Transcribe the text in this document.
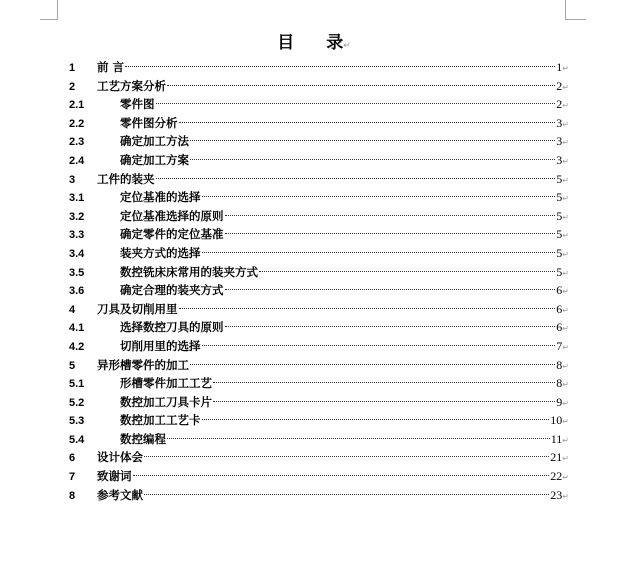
目 录↵
1	前 言	1 ↵
2	工艺方案分析	2 ↵
2.1	零件图	2 ↵
2.2	零件图分析	3 ↵
2.3	确定加工方法	3 ↵
2.4	确定加工方案	3 ↵
3	工件的装夹	5 ↵
3.1	定位基准的选择	5 ↵
3.2	定位基准选择的原则	5 ↵
3.3	确定零件的定位基准	5 ↵
3.4	装夹方式的选择	5 ↵
3.5	数控铣床床常用的装夹方式	5 ↵
3.6	确定合理的装夹方式	6 ↵
4	刀具及切削用里	6 ↵
4.1	选择数控刀具的原则	6 ↵
4.2	切削用里的选择	7 ↵
5	异形槽零件的加工	8 ↵
5.1	形槽零件加工工艺	8 ↵
5.2	数控加工刀具卡片	9 ↵
5.3	数控加工工艺卡	10 ↵
5.4	数控编程	11 ↵
6	设计体会	21 ↵
7	致谢词	22 ↵
8	参考文献	23 ↵
